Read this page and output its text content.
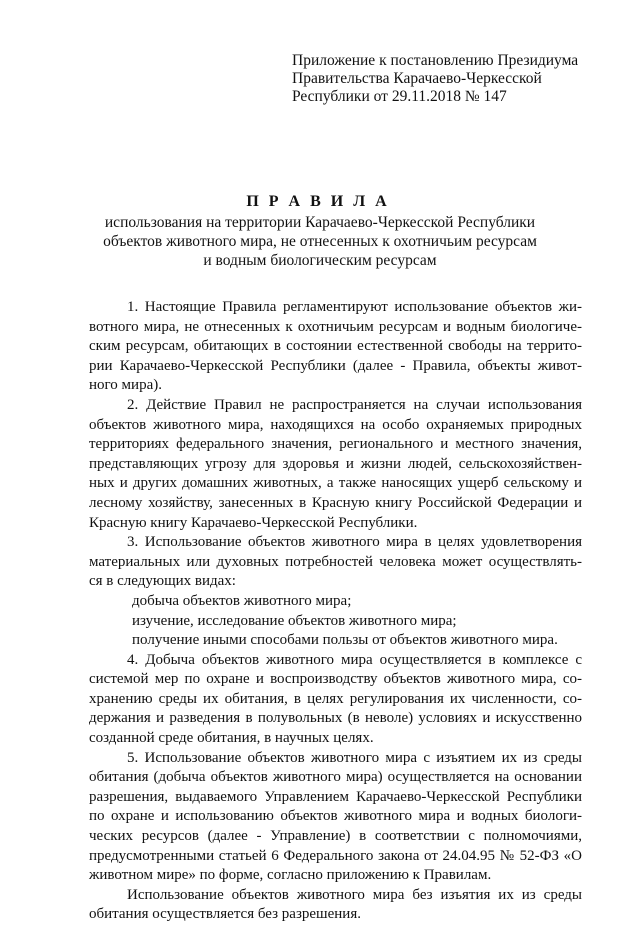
Приложение к постановлению Президиума
Правительства Карачаево-Черкесской
Республики от 29.11.2018 № 147
П Р А В И Л А
использования на территории Карачаево-Черкесской Республики
объектов животного мира, не отнесенных к охотничьим ресурсам
и водным биологическим ресурсам
1. Настоящие Правила регламентируют использование объектов жи-
вотного мира, не отнесенных к охотничьим ресурсам и водным биологиче-
ским ресурсам, обитающих в состоянии естественной свободы на террито-
рии Карачаево-Черкесской Республики (далее - Правила, объекты живот-
ного мира).
2. Действие Правил не распространяется на случаи использования
объектов животного мира, находящихся на особо охраняемых природных
территориях федерального значения, регионального и местного значения,
представляющих угрозу для здоровья и жизни людей, сельскохозяйствен-
ных и других домашних животных, а также наносящих ущерб сельскому и
лесному хозяйству, занесенных в Красную книгу Российской Федерации и
Красную книгу Карачаево-Черкесской Республики.
3. Использование объектов животного мира в целях удовлетворения
материальных или духовных потребностей человека может осуществлять-
ся в следующих видах:
добыча объектов животного мира;
изучение, исследование объектов животного мира;
получение иными способами пользы от объектов животного мира.
4. Добыча объектов животного мира осуществляется в комплексе с
системой мер по охране и воспроизводству объектов животного мира, со-
хранению среды их обитания, в целях регулирования их численности, со-
держания и разведения в полувольных (в неволе) условиях и искусственно
созданной среде обитания, в научных целях.
5. Использование объектов животного мира с изъятием их из среды
обитания (добыча объектов животного мира) осуществляется на основании
разрешения, выдаваемого Управлением Карачаево-Черкесской Республики
по охране и использованию объектов животного мира и водных биологи-
ческих ресурсов (далее - Управление) в соответствии с полномочиями,
предусмотренными статьей 6 Федерального закона от 24.04.95 № 52-ФЗ «О
животном мире» по форме, согласно приложению к Правилам.
Использование объектов животного мира без изъятия их из среды
обитания осуществляется без разрешения.
